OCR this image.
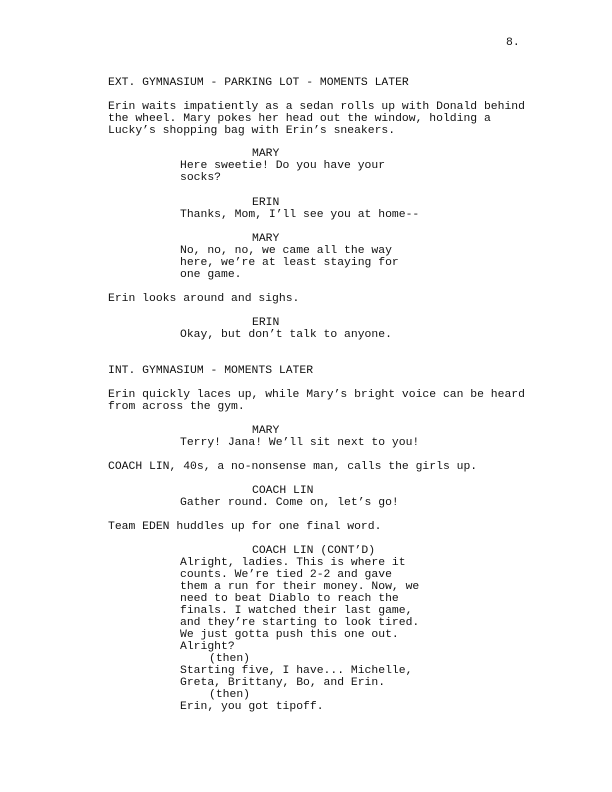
8.
EXT. GYMNASIUM - PARKING LOT - MOMENTS LATER
Erin waits impatiently as a sedan rolls up with Donald behind
the wheel. Mary pokes her head out the window, holding a
Lucky’s shopping bag with Erin’s sneakers.
MARY
Here sweetie! Do you have your
socks?
ERIN
Thanks, Mom, I’ll see you at home--
MARY
No, no, no, we came all the way
here, we’re at least staying for
one game.
Erin looks around and sighs.
ERIN
Okay, but don’t talk to anyone.
INT. GYMNASIUM - MOMENTS LATER
Erin quickly laces up, while Mary’s bright voice can be heard
from across the gym.
MARY
Terry! Jana! We’ll sit next to you!
COACH LIN, 40s, a no-nonsense man, calls the girls up.
COACH LIN
Gather round. Come on, let’s go!
Team EDEN huddles up for one final word.
COACH LIN (CONT’D)
Alright, ladies. This is where it
counts. We’re tied 2-2 and gave
them a run for their money. Now, we
need to beat Diablo to reach the
finals. I watched their last game,
and they’re starting to look tired.
We just gotta push this one out.
Alright?
(then)
Starting five, I have... Michelle,
Greta, Brittany, Bo, and Erin.
(then)
Erin, you got tipoff.
